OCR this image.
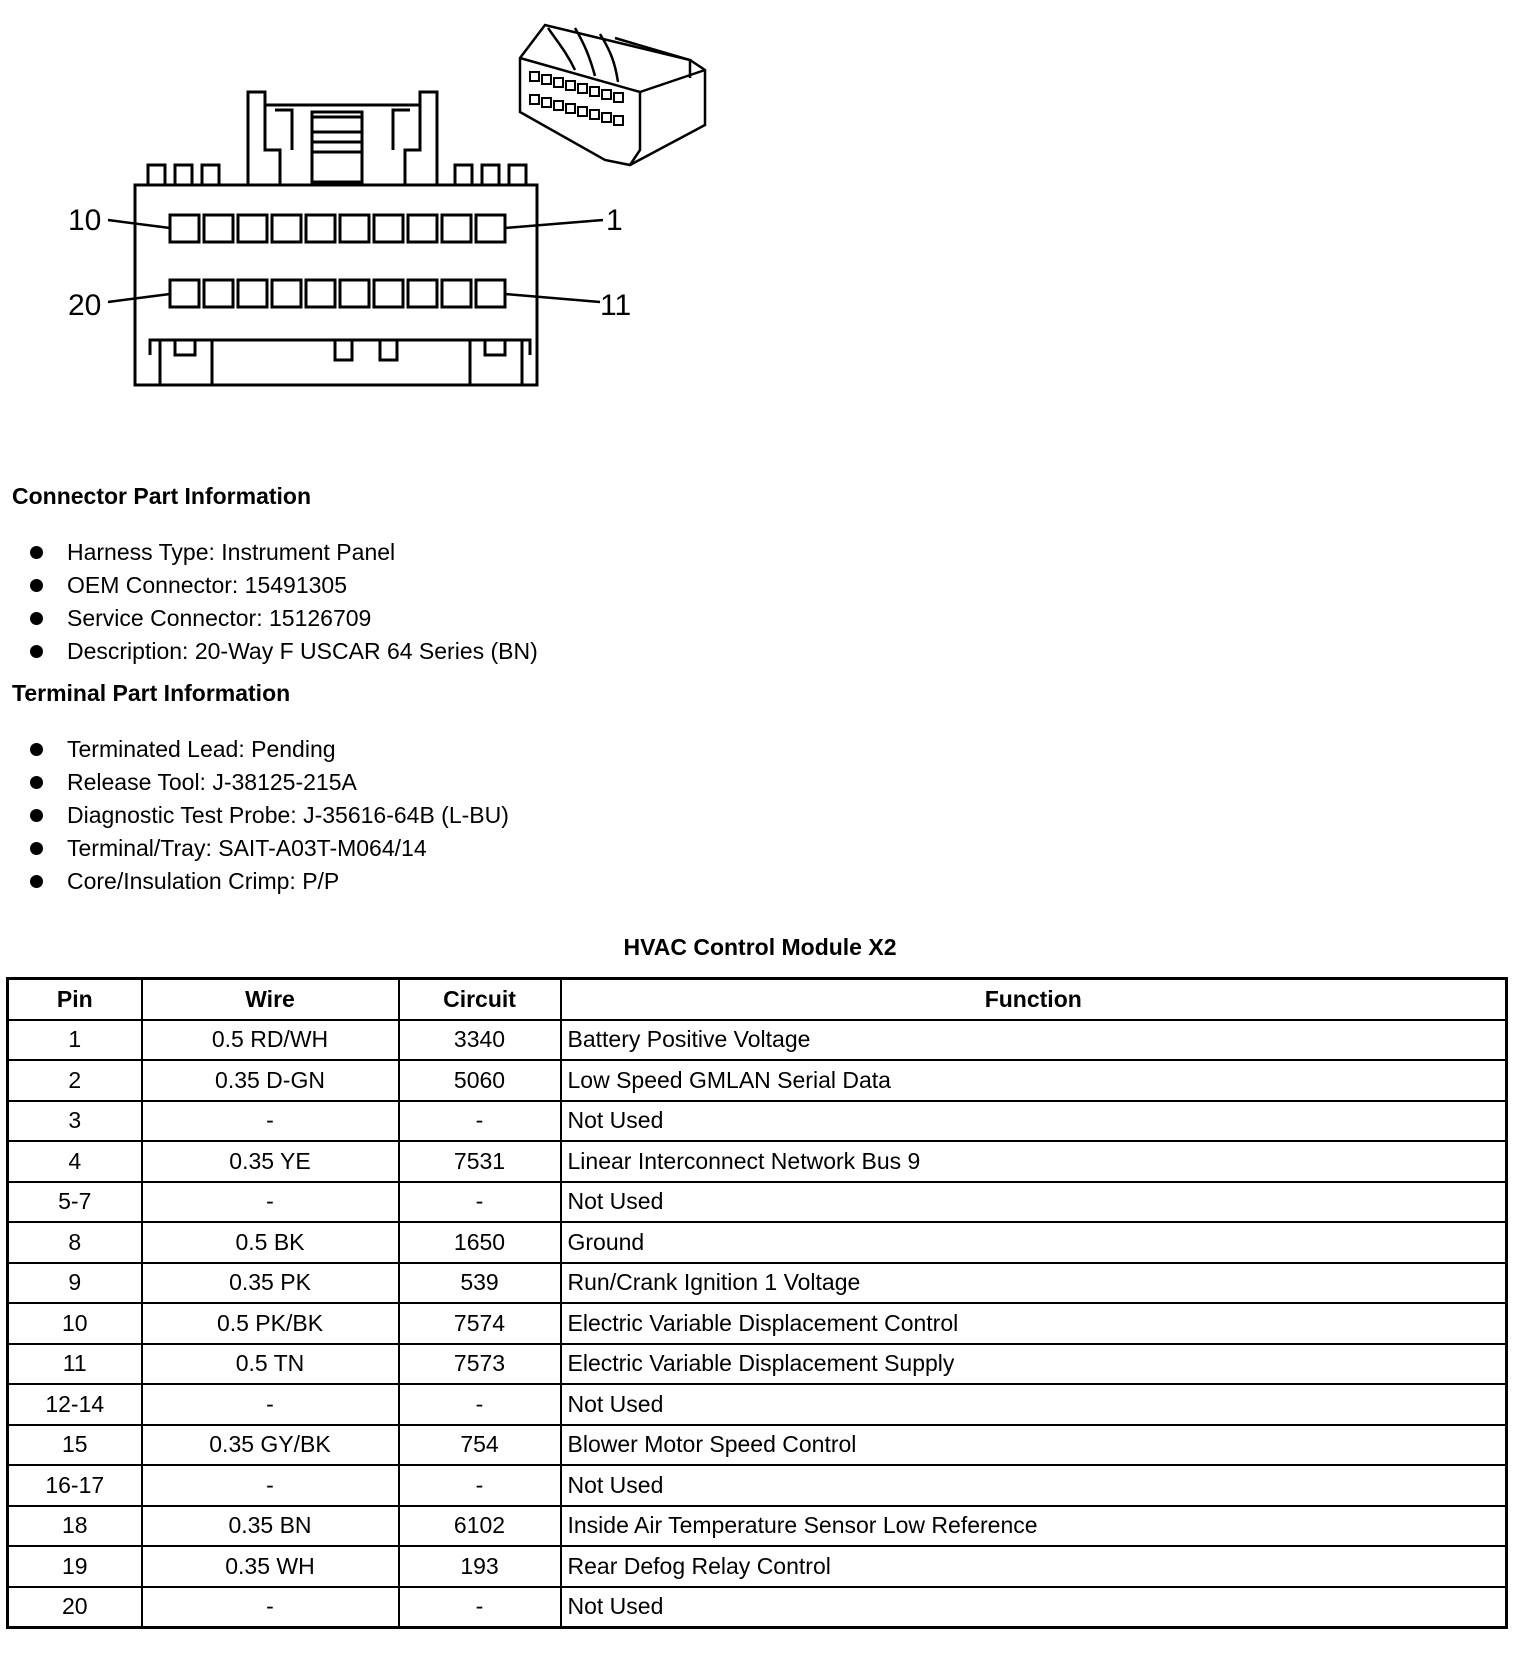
10	1
20	11
Connector Part Information
Harness Type: Instrument Panel
OEM Connector: 15491305
Service Connector: 15126709
Description: 20-Way F USCAR 64 Series (BN)
Terminal Part Information
Terminated Lead: Pending
Release Tool: J-38125-215A
Diagnostic Test Probe: J-35616-64B (L-BU)
Terminal/Tray: SAIT-A03T-M064/14
Core/Insulation Crimp: P/P
HVAC Control Module X2
Pin	Wire	Circuit	Function
1	0.5 RD/WH	3340	Battery Positive Voltage
2	0.35 D-GN	5060	Low Speed GMLAN Serial Data
3	-	-	Not Used
4	0.35 YE	7531	Linear Interconnect Network Bus 9
5-7	-	-	Not Used
8	0.5 BK	1650	Ground
9	0.35 PK	539	Run/Crank Ignition 1 Voltage
10	0.5 PK/BK	7574	Electric Variable Displacement Control
11	0.5 TN	7573	Electric Variable Displacement Supply
12-14	-	-	Not Used
15	0.35 GY/BK	754	Blower Motor Speed Control
16-17	-	-	Not Used
18	0.35 BN	6102	Inside Air Temperature Sensor Low Reference
19	0.35 WH	193	Rear Defog Relay Control
20	-	-	Not Used
